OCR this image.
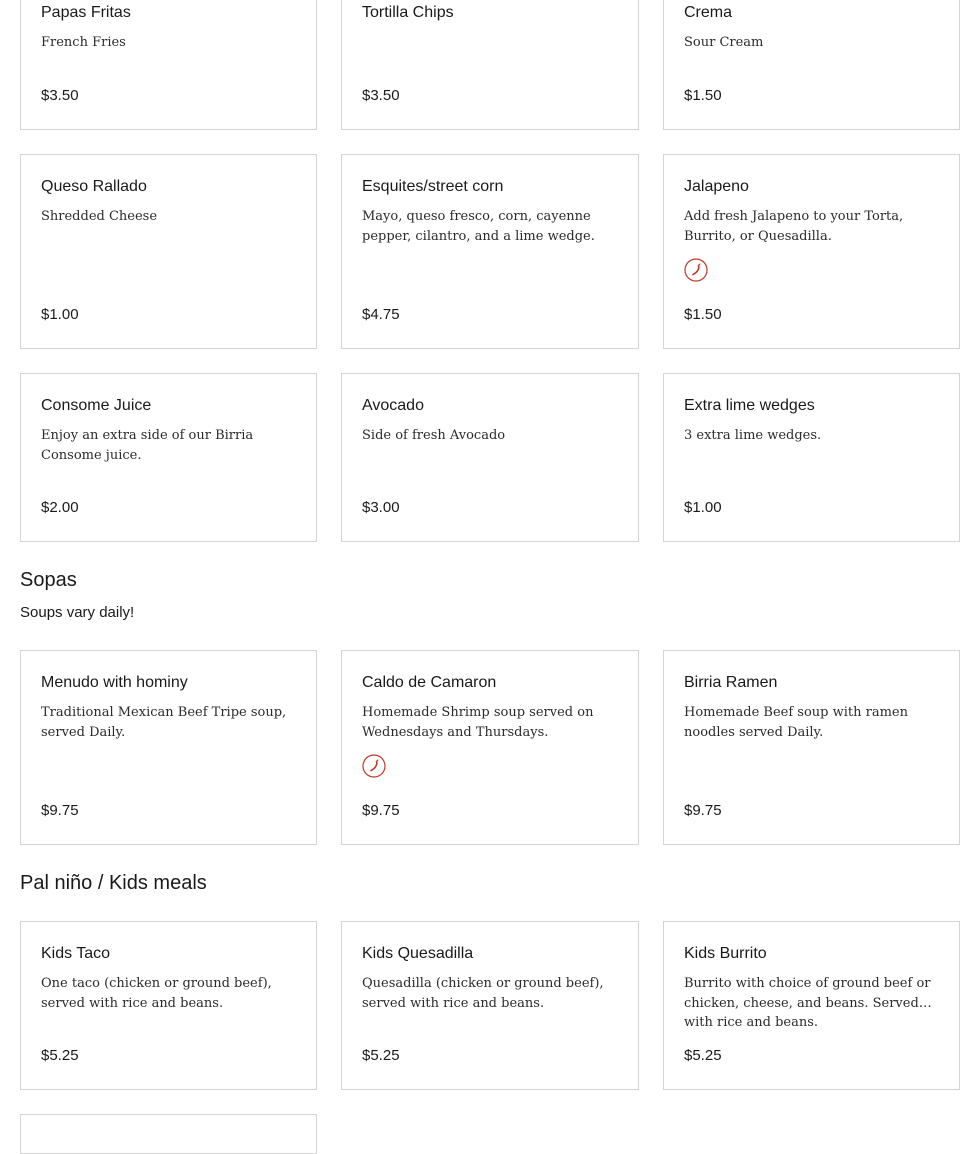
Papas Fritas
French Fries
$3.50
Tortilla Chips
$3.50
Crema
Sour Cream
$1.50
Queso Rallado
Shredded Cheese
$1.00
Esquites/street corn
Mayo, queso fresco, corn, cayenne pepper, cilantro, and a lime wedge.
$4.75
Jalapeno
Add fresh Jalapeno to your Torta, Burrito, or Quesadilla.
$1.50
Consome Juice
Enjoy an extra side of our Birria Consome juice.
$2.00
Avocado
Side of fresh Avocado
$3.00
Extra lime wedges
3 extra lime wedges.
$1.00
Sopas

Soups vary daily!

Menudo with hominy
Traditional Mexican Beef Tripe soup, served Daily.
$9.75
Caldo de Camaron
Homemade Shrimp soup served on Wednesdays and Thursdays.
$9.75
Birria Ramen
Homemade Beef soup with ramen noodles served Daily.
$9.75
Pal niño / Kids meals
Kids Taco
One taco (chicken or ground beef), served with rice and beans.
$5.25
Kids Quesadilla
Quesadilla (chicken or ground beef), served with rice and beans.
$5.25
Kids Burrito
Burrito with choice of ground beef or chicken, cheese, and beans. Served with rice and beans.
$5.25
